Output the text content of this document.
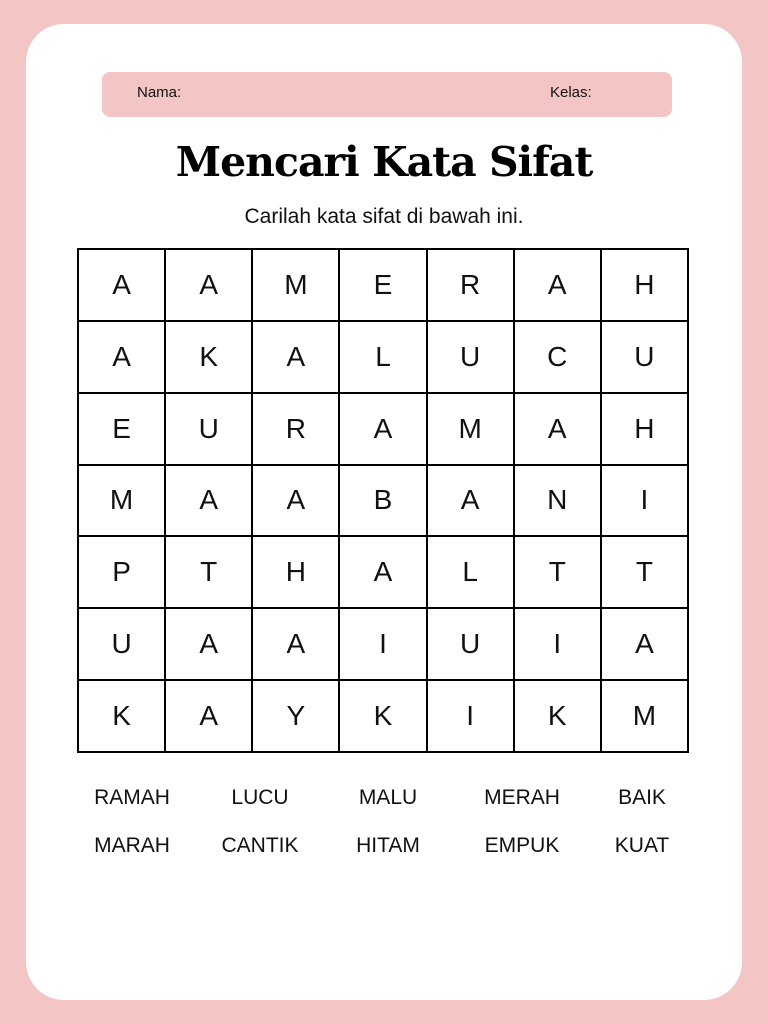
Nama:	Kelas:
Mencari Kata Sifat
Carilah kata sifat di bawah ini.
A	A	M	E	R	A	H
A	K	A	L	U	C	U
E	U	R	A	M	A	H
M	A	A	B	A	N	I
P	T	H	A	L	T	T
U	A	A	I	U	I	A
K	A	Y	K	I	K	M
RAMAH	LUCU	MALU	MERAH	BAIK
MARAH	CANTIK	HITAM	EMPUK	KUAT
